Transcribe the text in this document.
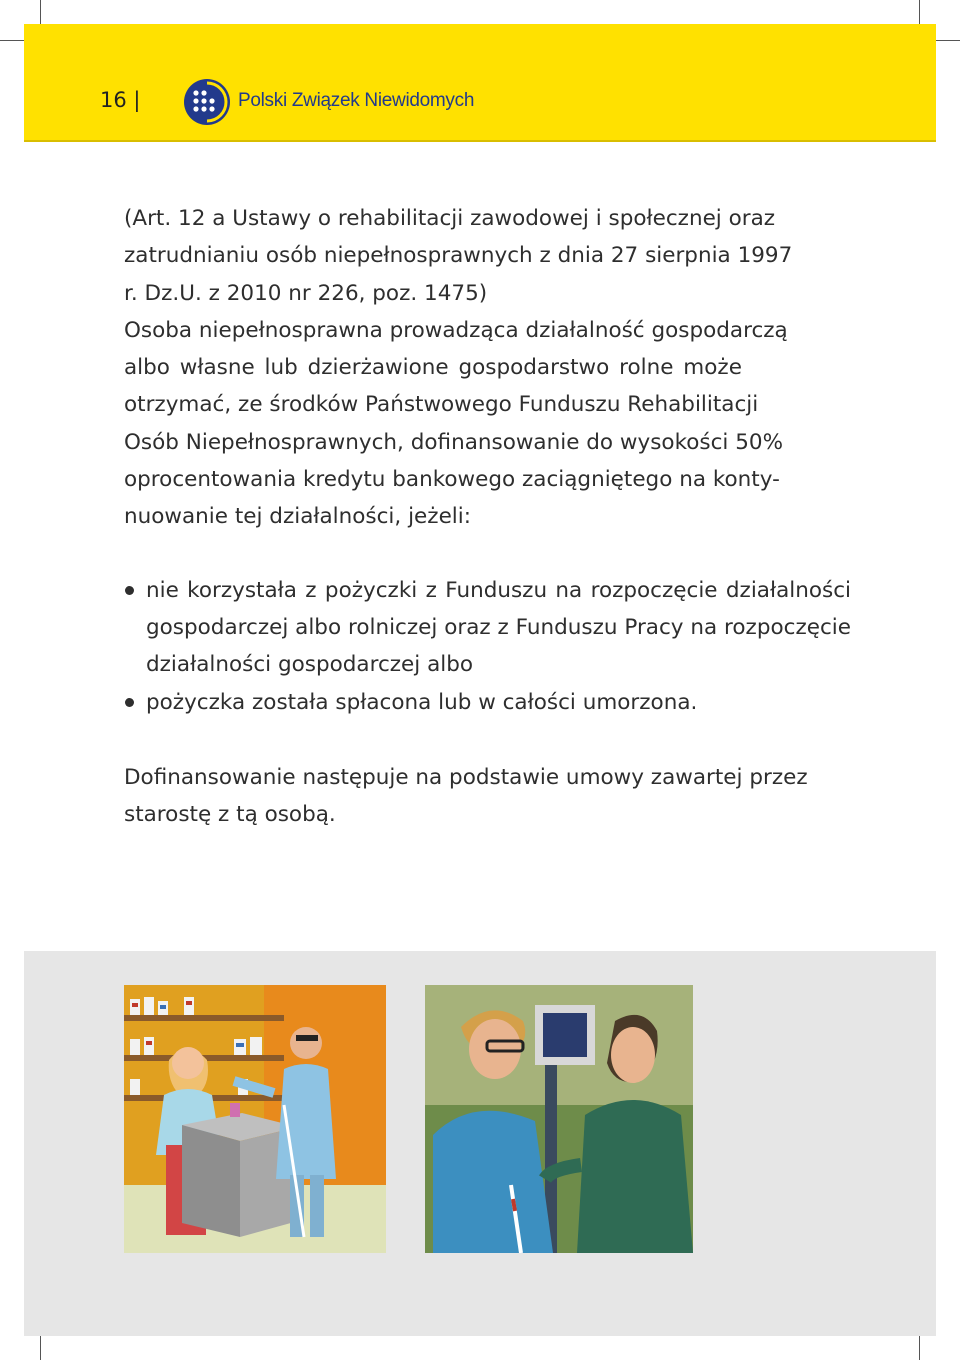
16 |	Polski Związek Niewidomych

(Art. 12 a Ustawy o rehabilitacji zawodowej i społecznej oraz
zatrudnianiu osób niepełnosprawnych z dnia 27 sierpnia 1997
r. Dz.U. z 2010 nr 226, poz. 1475)
Osoba niepełnosprawna prowadząca działalność gospodarczą
albo własne lub dzierżawione gospodarstwo rolne może
otrzymać, ze środków Państwowego Funduszu Rehabilitacji
Osób Niepełnosprawnych, dofinansowanie do wysokości 50%
oprocentowania kredytu bankowego zaciągniętego na konty-
nuowanie tej działalności, jeżeli:

nie korzystała z pożyczki z Funduszu na rozpoczęcie działalności gospodarczej albo rolniczej oraz z Funduszu Pracy na rozpoczęcie działalności gospodarczej albo
pożyczka została spłacona lub w całości umorzona.

Dofinansowanie następuje na podstawie umowy zawartej przez starostę z tą osobą.
